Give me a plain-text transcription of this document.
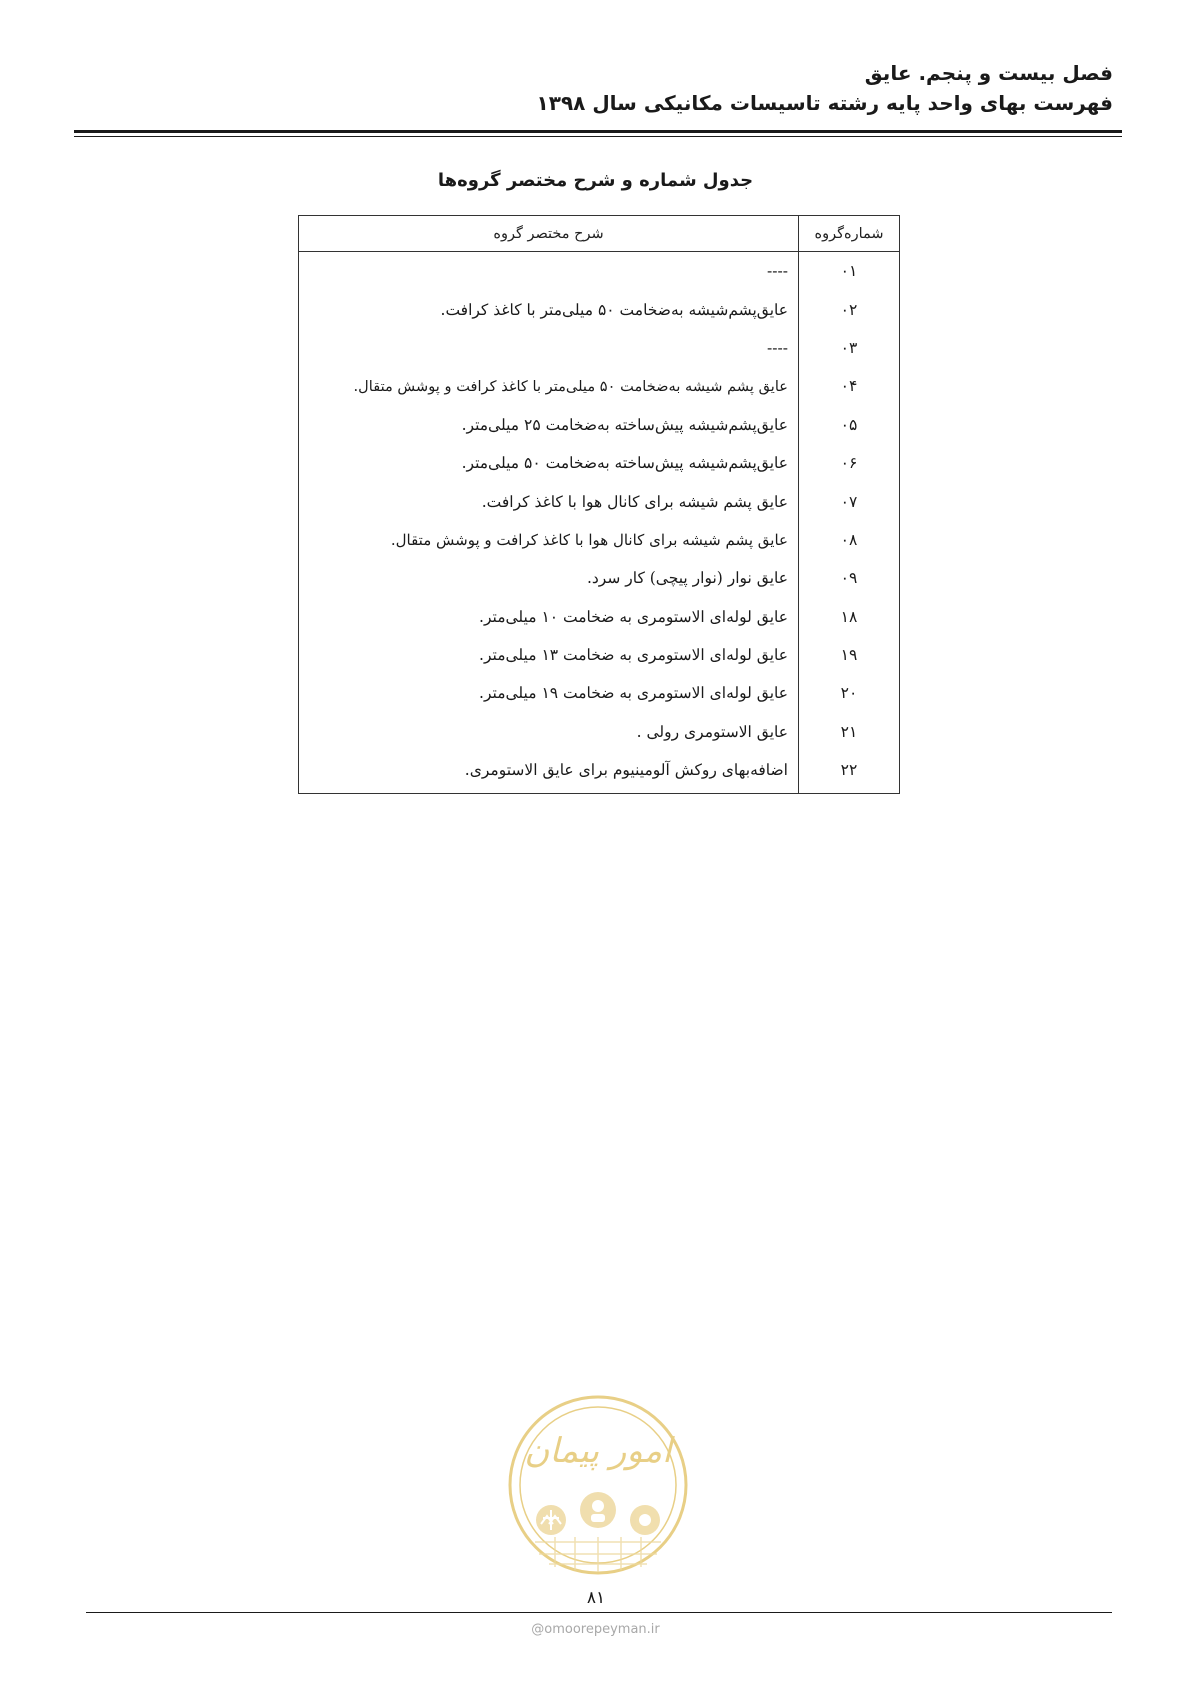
فصل بیست و پنجم. عایق
فهرست بهای واحد پایه رشته تاسیسات مکانیکی سال ۱۳۹۸
جدول شماره و شرح مختصر گروه‌ها
شماره‌گروه	شرح مختصر گروه
۰۱	----
۰۲	عایق‌پشم‌شیشه به‌ضخامت ۵۰ میلی‌متر با کاغذ کرافت.
۰۳	----
۰۴	عایق پشم شیشه به‌ضخامت ۵۰ میلی‌متر با کاغذ کرافت و پوشش متقال.
۰۵	عایق‌پشم‌شیشه پیش‌ساخته به‌ضخامت ۲۵ میلی‌متر.
۰۶	عایق‌پشم‌شیشه پیش‌ساخته به‌ضخامت ۵۰ میلی‌متر.
۰۷	عایق پشم شیشه برای کانال هوا با کاغذ کرافت.
۰۸	عایق پشم شیشه برای کانال هوا با کاغذ کرافت و پوشش متقال.
۰۹	عایق نوار (نوار پیچی) کار سرد.
۱۸	عایق لوله‌ای الاستومری به ضخامت ۱۰ میلی‌متر.
۱۹	عایق لوله‌ای الاستومری به ضخامت ۱۳ میلی‌متر.
۲۰	عایق لوله‌ای الاستومری به ضخامت ۱۹ میلی‌متر.
۲۱	عایق الاستومری رولی .
۲۲	اضافه‌بهای روکش آلومینیوم برای عایق الاستومری.
امور پیمان
۸۱
@omoorepeyman.ir
